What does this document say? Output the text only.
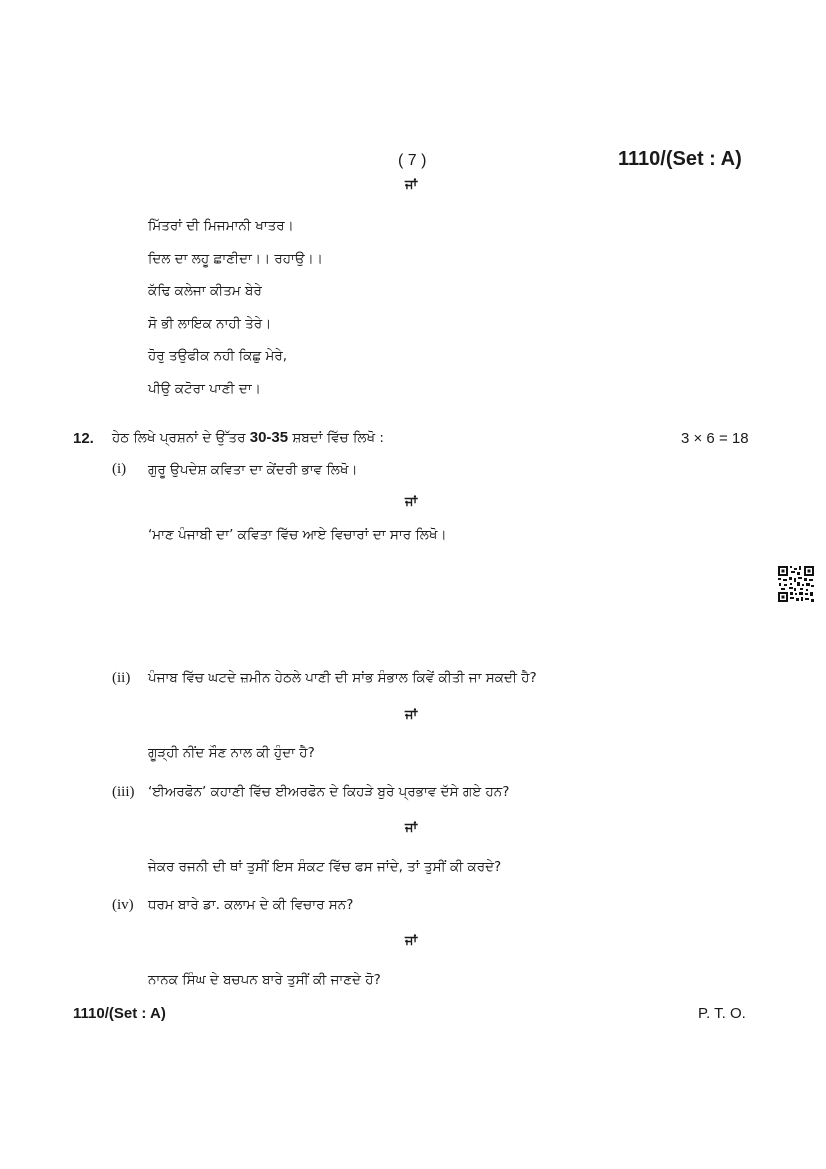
( 7 )	1110/(Set : A)
ਜਾਂ
ਮਿੱਤਰਾਂ ਦੀ ਮਿਜਮਾਨੀ ਖਾਤਰ।
ਦਿਲ ਦਾ ਲਹੂ ਛਾਣੀਦਾ।। ਰਹਾਉ।।
ਕੱਢਿ ਕਲੇਜਾ ਕੀਤਮ ਬੇਰੇ
ਸੋ ਭੀ ਲਾਇਕ ਨਾਹੀ ਤੇਰੇ।
ਹੋਰੁ ਤਉਫੀਕ ਨਹੀ ਕਿਛੁ ਮੇਰੇ,
ਪੀਉ ਕਟੋਰਾ ਪਾਣੀ ਦਾ।
12. ਹੇਠ ਲਿਖੇ ਪ੍ਰਸ਼ਨਾਂ ਦੇ ਉੱਤਰ 30-35 ਸ਼ਬਦਾਂ ਵਿੱਚ ਲਿਖੋ :	3 × 6 = 18
(i) ਗੁਰੂ ਉਪਦੇਸ਼ ਕਵਿਤਾ ਦਾ ਕੇਂਦਰੀ ਭਾਵ ਲਿਖੋ।
ਜਾਂ
‘ਮਾਣ ਪੰਜਾਬੀ ਦਾ’ ਕਵਿਤਾ ਵਿੱਚ ਆਏ ਵਿਚਾਰਾਂ ਦਾ ਸਾਰ ਲਿਖੋ।
(ii) ਪੰਜਾਬ ਵਿੱਚ ਘਟਦੇ ਜ਼ਮੀਨ ਹੇਠਲੇ ਪਾਣੀ ਦੀ ਸਾਂਭ ਸੰਭਾਲ ਕਿਵੇਂ ਕੀਤੀ ਜਾ ਸਕਦੀ ਹੈ?
ਜਾਂ
ਗੂੜ੍ਹੀ ਨੀਂਦ ਸੌਣ ਨਾਲ ਕੀ ਹੁੰਦਾ ਹੈ?
(iii) ‘ਈਅਰਫੋਨ’ ਕਹਾਣੀ ਵਿੱਚ ਈਅਰਫੋਨ ਦੇ ਕਿਹੜੇ ਬੁਰੇ ਪ੍ਰਭਾਵ ਦੱਸੇ ਗਏ ਹਨ?
ਜਾਂ
ਜੇਕਰ ਰਜਨੀ ਦੀ ਥਾਂ ਤੁਸੀਂ ਇਸ ਸੰਕਟ ਵਿੱਚ ਫਸ ਜਾਂਦੇ, ਤਾਂ ਤੁਸੀਂ ਕੀ ਕਰਦੇ?
(iv) ਧਰਮ ਬਾਰੇ ਡਾ. ਕਲਾਮ ਦੇ ਕੀ ਵਿਚਾਰ ਸਨ?
ਜਾਂ
ਨਾਨਕ ਸਿੰਘ ਦੇ ਬਚਪਨ ਬਾਰੇ ਤੁਸੀਂ ਕੀ ਜਾਣਦੇ ਹੋ?
1110/(Set : A)	P. T. O.
